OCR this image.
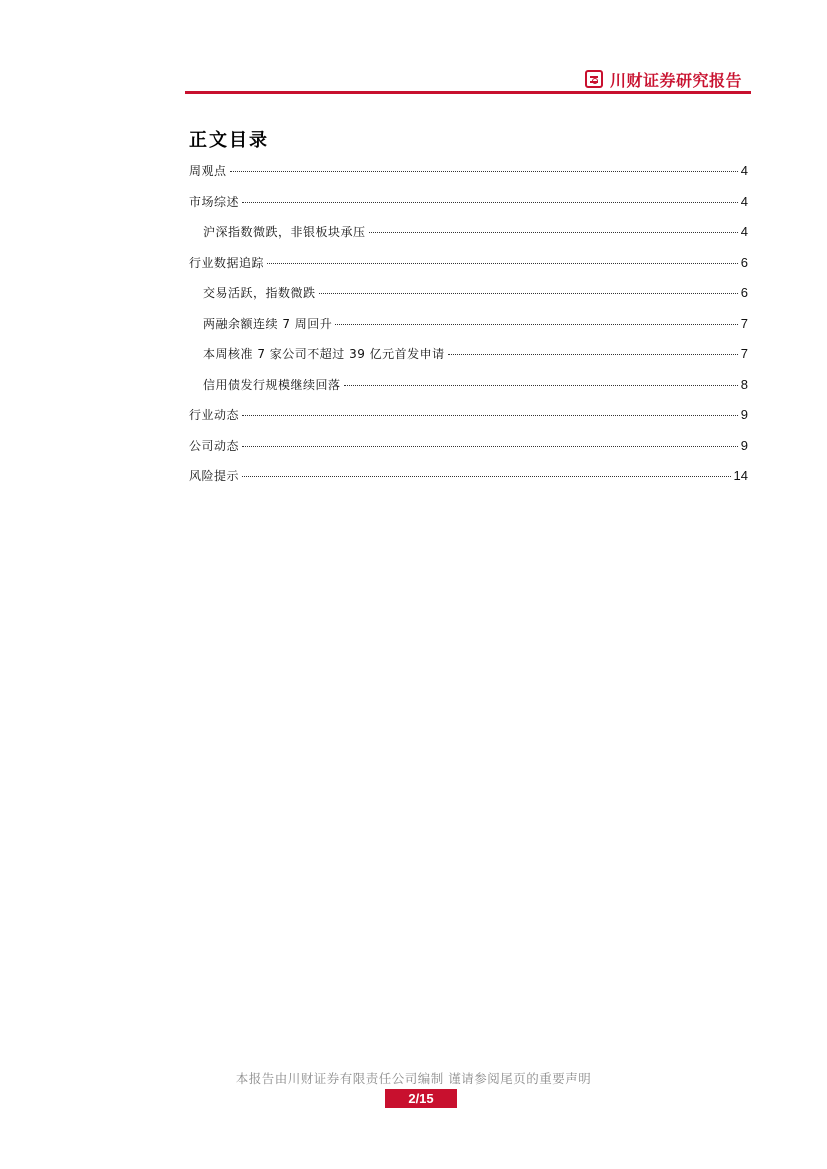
川财证券研究报告
正文目录
周观点	4
市场综述	4
沪深指数微跌，非银板块承压	4
行业数据追踪	6
交易活跃，指数微跌	6
两融余额连续 7 周回升	7
本周核准 7 家公司不超过 39 亿元首发申请	7
信用债发行规模继续回落	8
行业动态	9
公司动态	9
风险提示	14
本报告由川财证券有限责任公司编制 谨请参阅尾页的重要声明
2/15
